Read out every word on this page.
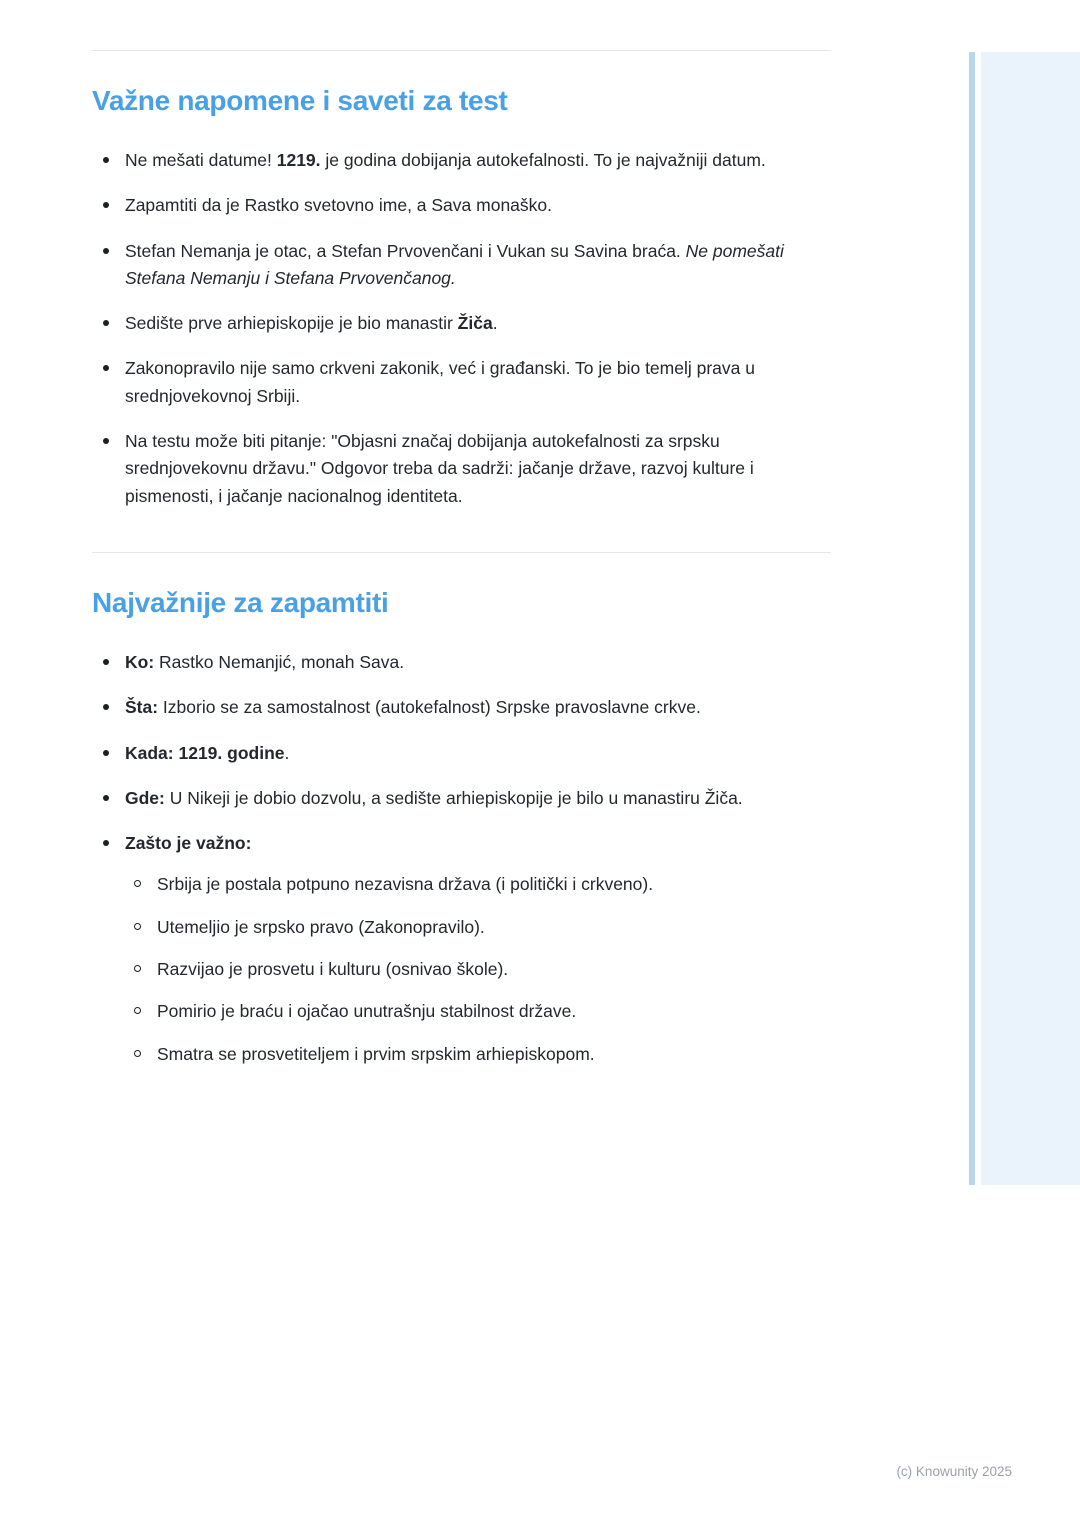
Važne napomene i saveti za test
Ne mešati datume! 1219. je godina dobijanja autokefalnosti. To je najvažniji datum.
Zapamtiti da je Rastko svetovno ime, a Sava monaško.
Stefan Nemanja je otac, a Stefan Prvovenčani i Vukan su Savina braća. Ne pomešati Stefana Nemanju i Stefana Prvovenčanog.
Sedište prve arhiepiskopije je bio manastir Žiča.
Zakonopravilo nije samo crkveni zakonik, već i građanski. To je bio temelj prava u srednjovekovnoj Srbiji.
Na testu može biti pitanje: "Objasni značaj dobijanja autokefalnosti za srpsku srednjovekovnu državu." Odgovor treba da sadrži: jačanje države, razvoj kulture i pismenosti, i jačanje nacionalnog identiteta.
Najvažnije za zapamtiti
Ko: Rastko Nemanjić, monah Sava.
Šta: Izborio se za samostalnost (autokefalnost) Srpske pravoslavne crkve.
Kada: 1219. godine.
Gde: U Nikeji je dobio dozvolu, a sedište arhiepiskopije je bilo u manastiru Žiča.
Zašto je važno:
Srbija je postala potpuno nezavisna država (i politički i crkveno).
Utemeljio je srpsko pravo (Zakonopravilo).
Razvijao je prosvetu i kulturu (osnivao škole).
Pomirio je braću i ojačao unutrašnju stabilnost države.
Smatra se prosvetiteljem i prvim srpskim arhiepiskopom.
(c) Knowunity 2025
